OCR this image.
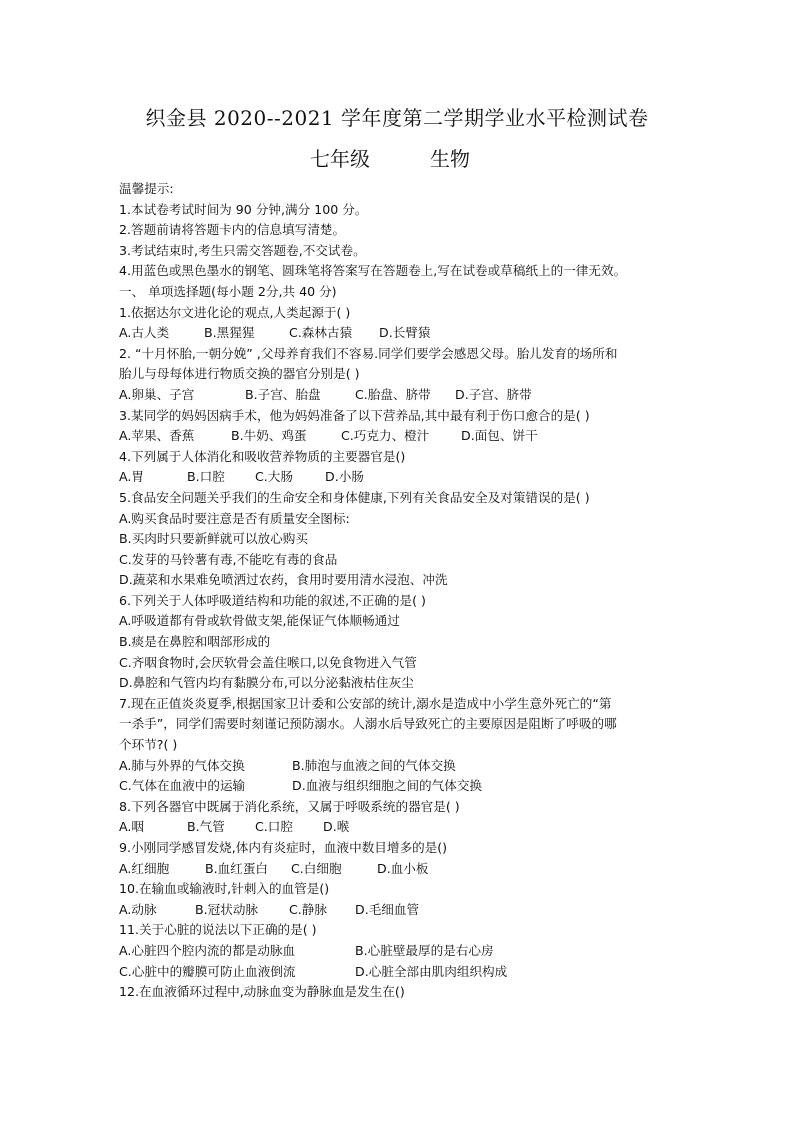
织金县 2020--2021 学年度第二学期学业水平检测试卷
七年级	生物
温馨提示:
1.本试卷考试时间为 90 分钟,满分 100 分。
2.答题前请将答题卡内的信息填写清楚。
3.考试结束时,考生只需交答题卷,不交试卷。
4.用蓝色或黑色墨水的钢笔、圆珠笔将答案写在答题卷上,写在试卷或草稿纸上的一律无效。
一、 单项选择题(每小题 2分,共 40 分)
1.依据达尔文进化论的观点,人类起源于( )
A.古人类	B.黑猩猩	C.森林古猿 D.长臂猿
2. “十月怀胎,一朝分娩” ,父母养育我们不容易.同学们要学会感恩父母。胎儿发育的场所和
胎儿与母每体进行物质交换的器官分别是( )
A.卵巢、子宫	B.子宫、胎盘	C.胎盘、脐带 D.子宫、脐带
3.某同学的妈妈因病手术，他为妈妈准备了以下营养品,其中最有利于伤口愈合的是( )
A.苹果、香蕉	B.牛奶、鸡蛋	C.巧克力、橙汁	D.面包、饼干
4.下列属于人体消化和吸收营养物质的主要器官是()
A.胃	B.口腔 C.大肠	D.小肠
5.食品安全问题关乎我们的生命安全和身体健康,下列有关食品安全及对策错误的是( )
A.购买食品时要注意是否有质量安全图标:
B.买肉时只要新鲜就可以放心购买
C.发芽的马铃薯有毒,不能吃有毒的食品
D.蔬菜和水果难免喷洒过农药，食用时要用清水浸泡、冲洗
6.下列关于人体呼吸道结构和功能的叙述,不正确的是( )
A.呼吸道都有骨或软骨做支架,能保证气体顺畅通过
B.痰是在鼻腔和咽部形成的
C.齐咽食物时,会厌软骨会盖住喉口,以免食物进入气管
D.鼻腔和气管内均有黏膜分布,可以分泌黏液枯住灰尘
7.现在正值炎炎夏季,根据国家卫计委和公安部的统计,溺水是造成中小学生意外死亡的“第
一杀手”，同学们需要时刻谨记预防溺水。人溺水后导致死亡的主要原因是阻断了呼吸的哪
个环节?( )
A.肺与外界的气体交换	B.肺泡与血液之间的气体交换
C.气体在血液中的运输	D.血液与组织细胞之间的气体交换
8.下列各器官中既属于消化系统，又属于呼吸系统的器官是( )
A.咽	B.气管 C.口腔 D.喉
9.小刚同学感冒发烧,体内有炎症时，血液中数目增多的是()
A.红细胞	B.血红蛋白 C.白细胞	D.血小板
10.在输血或输液时,针刺入的血管是()
A.动脉	B.冠状动脉 C.静脉 D.毛细血管
11.关于心脏的说法以下正确的是( )
A.心脏四个腔内流的都是动脉血	B.心脏壁最厚的是右心房
C.心脏中的瓣膜可防止血液倒流	D.心脏全部由肌肉组织构成
12.在血液循环过程中,动脉血变为静脉血是发生在()
